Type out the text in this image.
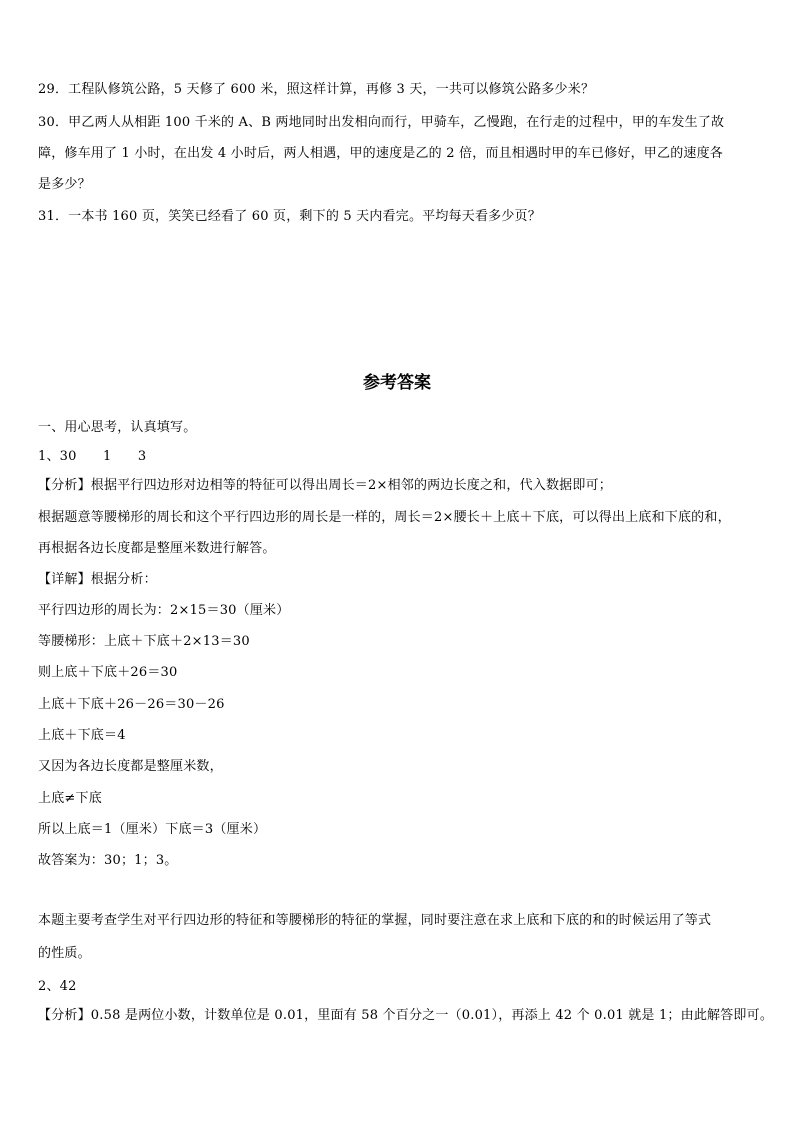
29．工程队修筑公路，5 天修了 600 米，照这样计算，再修 3 天，一共可以修筑公路多少米？
30．甲乙两人从相距 100 千米的 A、B 两地同时出发相向而行，甲骑车，乙慢跑，在行走的过程中，甲的车发生了故
障，修车用了 1 小时，在出发 4 小时后，两人相遇，甲的速度是乙的 2 倍，而且相遇时甲的车已修好，甲乙的速度各
是多少？
31．一本书 160 页，笑笑已经看了 60 页，剩下的 5 天内看完。平均每天看多少页？
参考答案
一、用心思考，认真填写。
1、30　　1　　3
【分析】根据平行四边形对边相等的特征可以得出周长＝2×相邻的两边长度之和，代入数据即可；
根据题意等腰梯形的周长和这个平行四边形的周长是一样的，周长＝2×腰长＋上底＋下底，可以得出上底和下底的和，
再根据各边长度都是整厘米数进行解答。
【详解】根据分析：
平行四边形的周长为：2×15＝30（厘米）
等腰梯形：上底＋下底＋2×13＝30
则上底＋下底＋26＝30
上底＋下底＋26－26＝30－26
上底＋下底＝4
又因为各边长度都是整厘米数，
上底≠下底
所以上底＝1（厘米）下底＝3（厘米）
故答案为：30；1；3。
本题主要考查学生对平行四边形的特征和等腰梯形的特征的掌握，同时要注意在求上底和下底的和的时候运用了等式
的性质。
2、42
【分析】0.58 是两位小数，计数单位是 0.01，里面有 58 个百分之一（0.01），再添上 42 个 0.01 就是 1；由此解答即可。
